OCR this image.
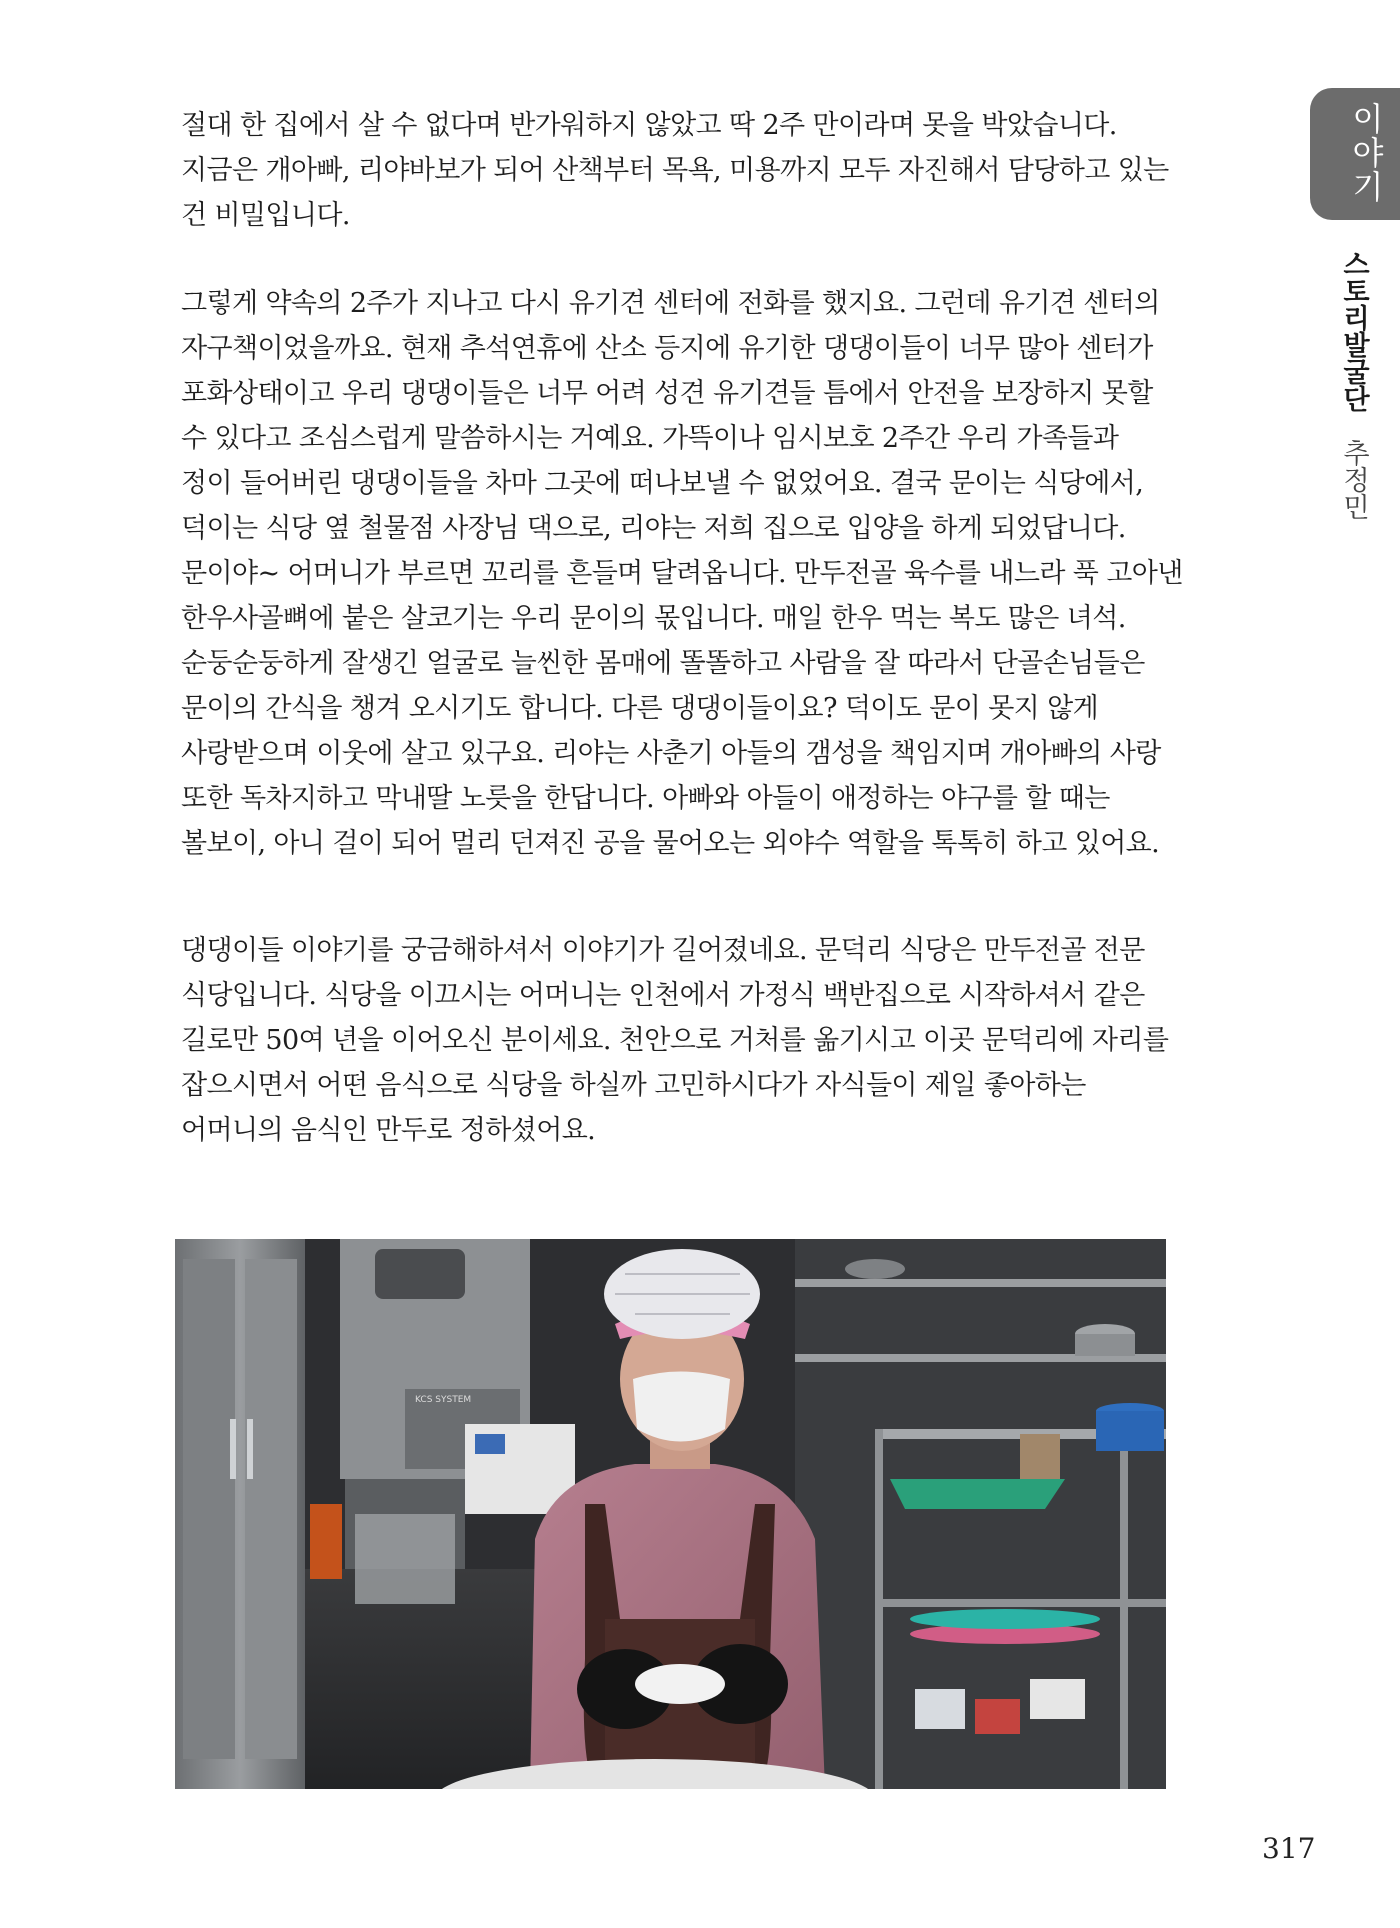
이야기
스토리발굴단 추정민

절대 한 집에서 살 수 없다며 반가워하지 않았고 딱 2주 만이라며 못을 박았습니다.

지금은 개아빠, 리야바보가 되어 산책부터 목욕, 미용까지 모두 자진해서 담당하고 있는

건 비밀입니다.

그렇게 약속의 2주가 지나고 다시 유기견 센터에 전화를 했지요. 그런데 유기견 센터의

자구책이었을까요. 현재 추석연휴에 산소 등지에 유기한 댕댕이들이 너무 많아 센터가

포화상태이고 우리 댕댕이들은 너무 어려 성견 유기견들 틈에서 안전을 보장하지 못할

수 있다고 조심스럽게 말씀하시는 거예요. 가뜩이나 임시보호 2주간 우리 가족들과

정이 들어버린 댕댕이들을 차마 그곳에 떠나보낼 수 없었어요. 결국 문이는 식당에서,

덕이는 식당 옆 철물점 사장님 댁으로, 리야는 저희 집으로 입양을 하게 되었답니다.

문이야~ 어머니가 부르면 꼬리를 흔들며 달려옵니다. 만두전골 육수를 내느라 푹 고아낸

한우사골뼈에 붙은 살코기는 우리 문이의 몫입니다. 매일 한우 먹는 복도 많은 녀석.

순둥순둥하게 잘생긴 얼굴로 늘씬한 몸매에 똘똘하고 사람을 잘 따라서 단골손님들은

문이의 간식을 챙겨 오시기도 합니다. 다른 댕댕이들이요? 덕이도 문이 못지 않게

사랑받으며 이웃에 살고 있구요. 리야는 사춘기 아들의 갬성을 책임지며 개아빠의 사랑

또한 독차지하고 막내딸 노릇을 한답니다. 아빠와 아들이 애정하는 야구를 할 때는

볼보이, 아니 걸이 되어 멀리 던져진 공을 물어오는 외야수 역할을 톡톡히 하고 있어요.

댕댕이들 이야기를 궁금해하셔서 이야기가 길어졌네요. 문덕리 식당은 만두전골 전문

식당입니다. 식당을 이끄시는 어머니는 인천에서 가정식 백반집으로 시작하셔서 같은

길로만 50여 년을 이어오신 분이세요. 천안으로 거처를 옮기시고 이곳 문덕리에 자리를

잡으시면서 어떤 음식으로 식당을 하실까 고민하시다가 자식들이 제일 좋아하는

어머니의 음식인 만두로 정하셨어요.

KCS SYSTEM
317
